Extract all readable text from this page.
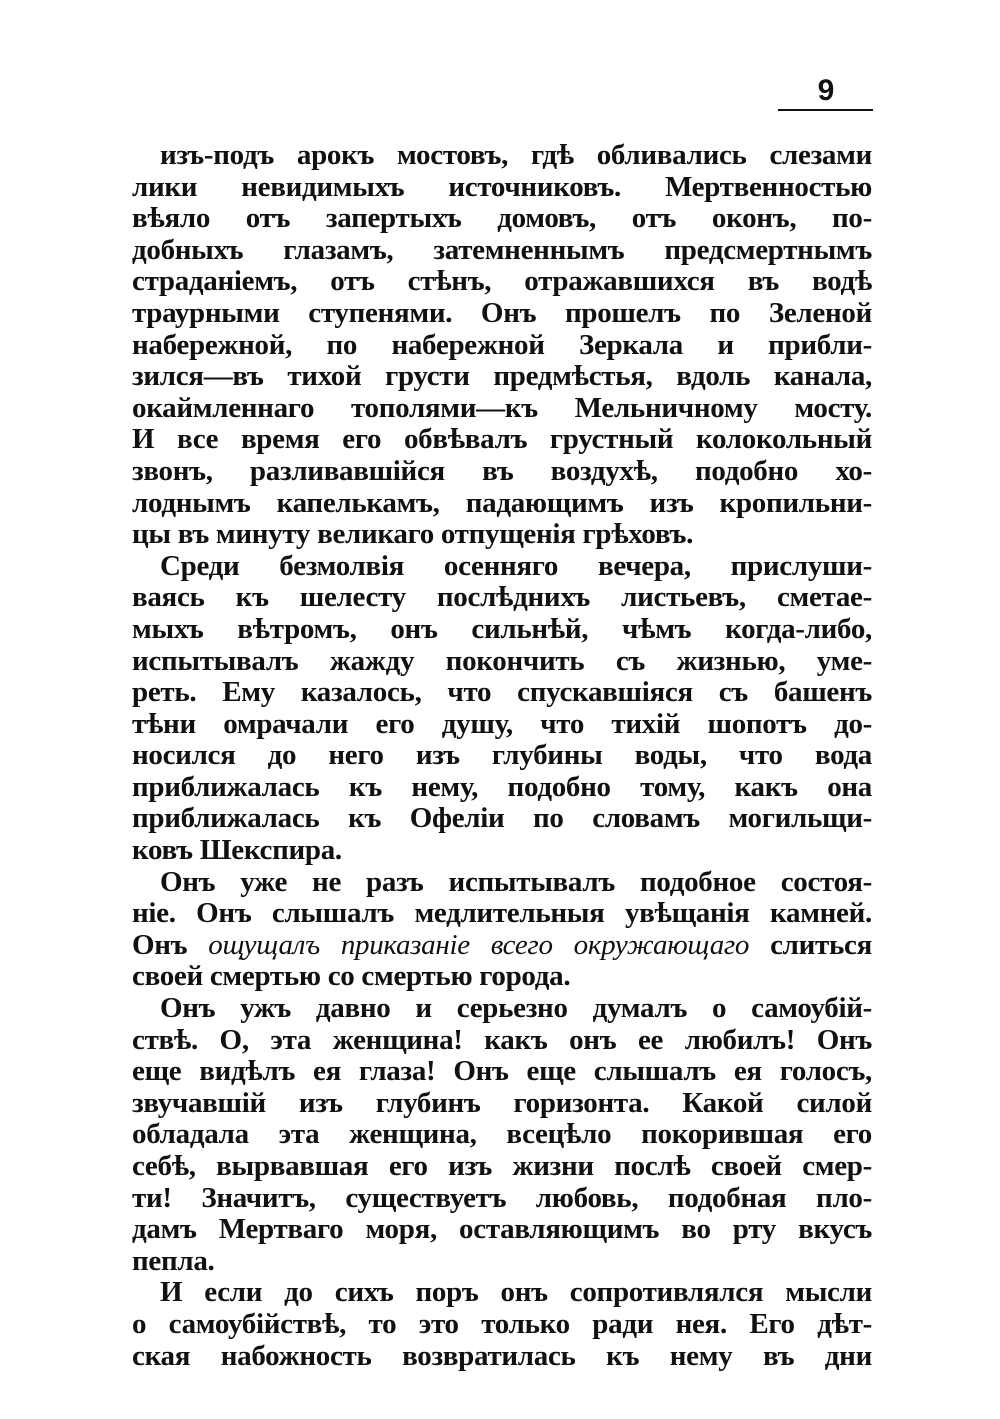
9
изъ-подъ арокъ мостовъ, гдѣ обливались слезами
лики невидимыхъ источниковъ. Мертвенностью
вѣяло отъ запертыхъ домовъ, отъ оконъ, по-
добныхъ глазамъ, затемненнымъ предсмертнымъ
страданіемъ, отъ стѣнъ, отражавшихся въ водѣ
траурными ступенями. Онъ прошелъ по Зеленой
набережной, по набережной Зеркала и прибли-
зился—въ тихой грусти предмѣстья, вдоль канала,
окаймленнаго тополями—къ Мельничному мосту.
И все время его обвѣвалъ грустный колокольный
звонъ, разливавшійся въ воздухѣ, подобно хо-
лоднымъ капелькамъ, падающимъ изъ кропильни-
цы въ минуту великаго отпущенія грѣховъ.
Среди безмолвія осенняго вечера, прислуши-
ваясь къ шелесту послѣднихъ листьевъ, сметае-
мыхъ вѣтромъ, онъ сильнѣй, чѣмъ когда-либо,
испытывалъ жажду покончить съ жизнью, уме-
реть. Ему казалось, что спускавшіяся съ башенъ
тѣни омрачали его душу, что тихій шопотъ до-
носился до него изъ глубины воды, что вода
приближалась къ нему, подобно тому, какъ она
приближалась къ Офеліи по словамъ могильщи-
ковъ Шекспира.
Онъ уже не разъ испытывалъ подобное состоя-
ніе. Онъ слышалъ медлительныя увѣщанія камней.
Онъ ощущалъ приказаніе всего окружающаго слиться
своей смертью со смертью города.
Онъ ужъ давно и серьезно думалъ о самоубій-
ствѣ. О, эта женщина! какъ онъ ее любилъ! Онъ
еще видѣлъ ея глаза! Онъ еще слышалъ ея голосъ,
звучавшій изъ глубинъ горизонта. Какой силой
обладала эта женщина, всецѣло покорившая его
себѣ, вырвавшая его изъ жизни послѣ своей смер-
ти! Значитъ, существуетъ любовь, подобная пло-
дамъ Мертваго моря, оставляющимъ во рту вкусъ
пепла.
И если до сихъ поръ онъ сопротивлялся мысли
о самоубійствѣ, то это только ради нея. Его дѣт-
ская набожность возвратилась къ нему въ дни
